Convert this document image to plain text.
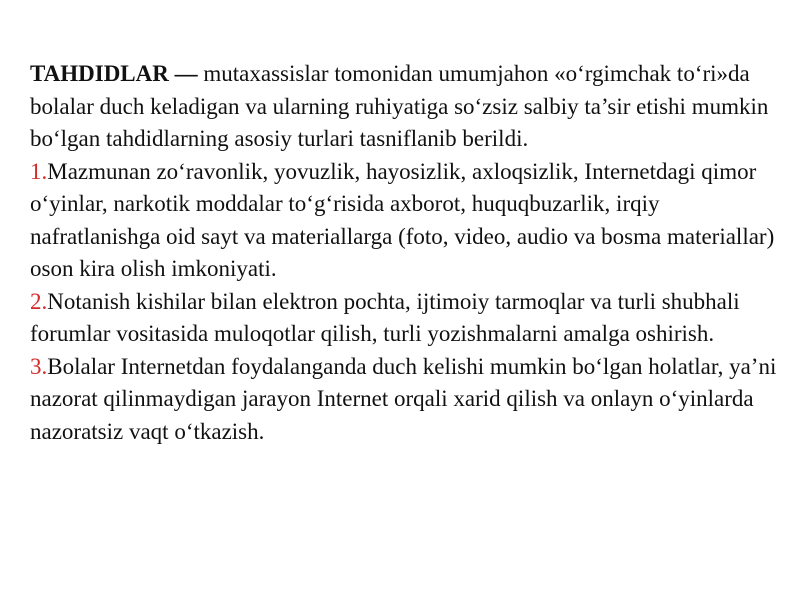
TAHDIDLAR — mutaxassislar tomonidan umumjahon «o‘rgimchak to‘ri»da bolalar duch keladigan va ularning ruhiyatiga so‘zsiz salbiy ta’sir etishi mumkin bo‘lgan tahdidlarning asosiy turlari tasniflanib berildi.

1.Mazmunan zo‘ravonlik, yovuzlik, hayosizlik, axloqsizlik, Internetdagi qimor o‘yinlar, narkotik moddalar to‘g‘risida axborot, huquqbuzarlik, irqiy nafratlanishga oid sayt va materiallarga (foto, video, audio va bosma materiallar) oson kira olish imkoniyati.

2.Notanish kishilar bilan elektron pochta, ijtimoiy tarmoqlar va turli shubhali forumlar vositasida muloqotlar qilish, turli yozishmalarni amalga oshirish.

3.Bolalar Internetdan foydalanganda duch kelishi mumkin bo‘lgan holatlar, ya’ni nazorat qilinmaydigan jarayon Internet orqali xarid qilish va onlayn o‘yinlarda nazoratsiz vaqt o‘tkazish.
